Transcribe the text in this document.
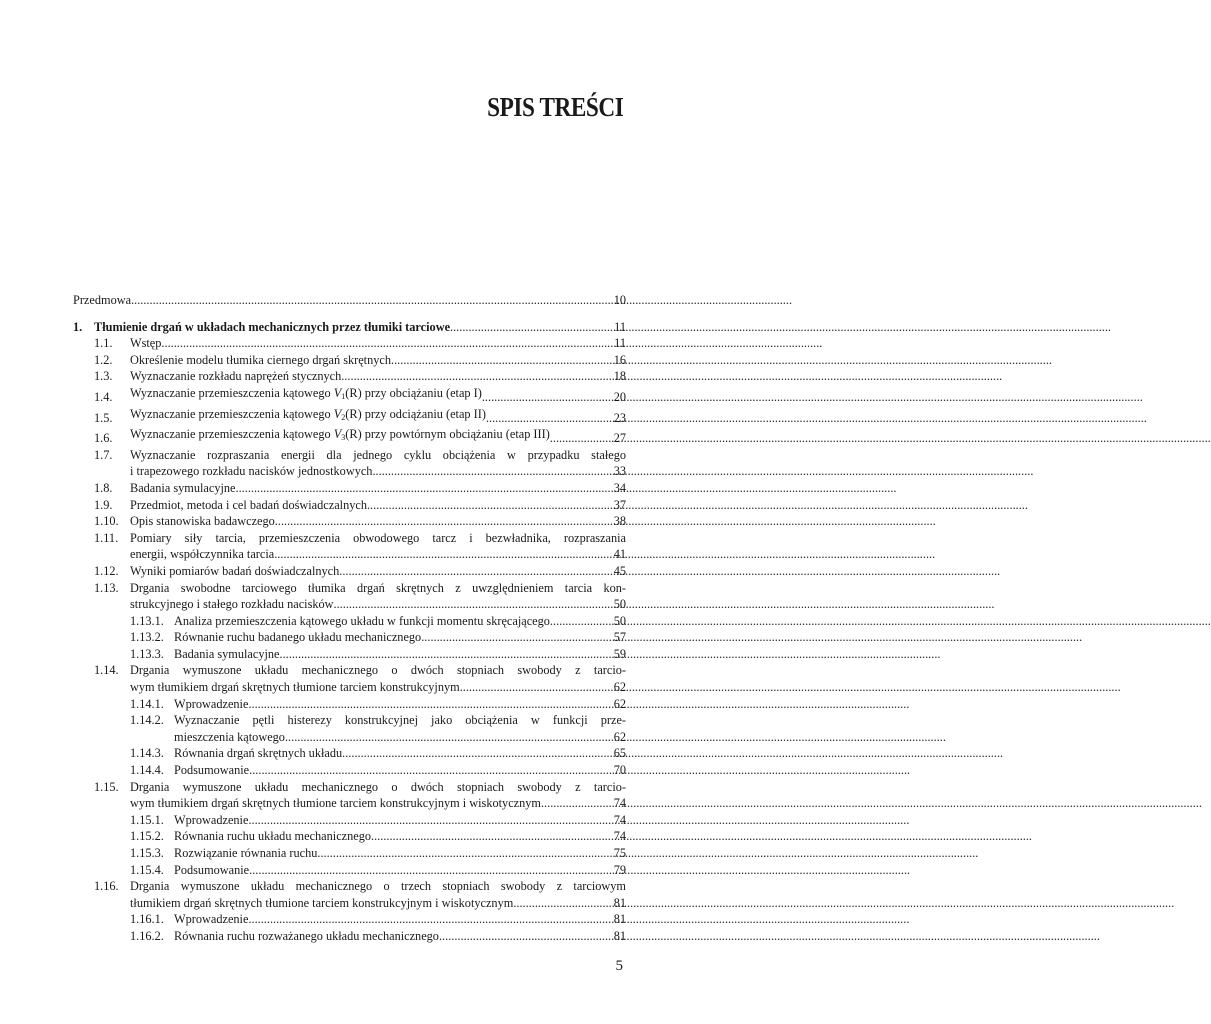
SPIS TREŚCI
Przedmowa .....	10
1. Tłumienie drgań w układach mechanicznych przez tłumiki tarciowe .....	11
1.1.	Wstęp .....	11
1.2.	Określenie modelu tłumika ciernego drgań skrętnych .....	16
1.3.	Wyznaczanie rozkładu naprężeń stycznych .....	18
1.4.	Wyznaczanie przemieszczenia kątowego $V_1(R)$ przy obciążaniu (etap I) .....	20
1.5.	Wyznaczanie przemieszczenia kątowego $V_2(R)$ przy odciążaniu (etap II) .....	23
1.6.	Wyznaczanie przemieszczenia kątowego $V_3(R)$ przy powtórnym obciążaniu (etap III) .....	27
1.7.	Wyznaczanie rozpraszania energii dla jednego cyklu obciążenia w przypadku stałego
i trapezowego rozkładu nacisków jednostkowych .....	33
1.8.	Badania symulacyjne .....	34
1.9.	Przedmiot, metoda i cel badań doświadczalnych .....	37
1.10. Opis stanowiska badawczego .....	38
1.11. Pomiary siły tarcia, przemieszczenia obwodowego tarcz i bezwładnika, rozpraszania
energii, współczynnika tarcia .....	41
1.12. Wyniki pomiarów badań doświadczalnych .....	45
1.13. Drgania swobodne tarciowego tłumika drgań skrętnych z uwzględnieniem tarcia kon-
strukcyjnego i stałego rozkładu nacisków .....	50
1.13.1. Analiza przemieszczenia kątowego układu w funkcji momentu skręcającego .....	50
1.13.2. Równanie ruchu badanego układu mechanicznego .....	57
1.13.3. Badania symulacyjne .....	59
1.14. Drgania wymuszone układu mechanicznego o dwóch stopniach swobody z tarcio-
wym tłumikiem drgań skrętnych tłumione tarciem konstrukcyjnym .....	62
1.14.1. Wprowadzenie .....	62
1.14.2. Wyznaczanie pętli histerezy konstrukcyjnej jako obciążenia w funkcji prze-
mieszczenia kątowego .....	62
1.14.3. Równania drgań skrętnych układu .....	65
1.14.4. Podsumowanie .....	70
1.15. Drgania wymuszone układu mechanicznego o dwóch stopniach swobody z tarcio-
wym tłumikiem drgań skrętnych tłumione tarciem konstrukcyjnym i wiskotycznym .....	74
1.15.1. Wprowadzenie .....	74
1.15.2. Równania ruchu układu mechanicznego .....	74
1.15.3. Rozwiązanie równania ruchu .....	75
1.15.4. Podsumowanie .....	79
1.16. Drgania wymuszone układu mechanicznego o trzech stopniach swobody z tarciowym
tłumikiem drgań skrętnych tłumione tarciem konstrukcyjnym i wiskotycznym .....	81
1.16.1. Wprowadzenie .....	81
1.16.2. Równania ruchu rozważanego układu mechanicznego .....	81
5
